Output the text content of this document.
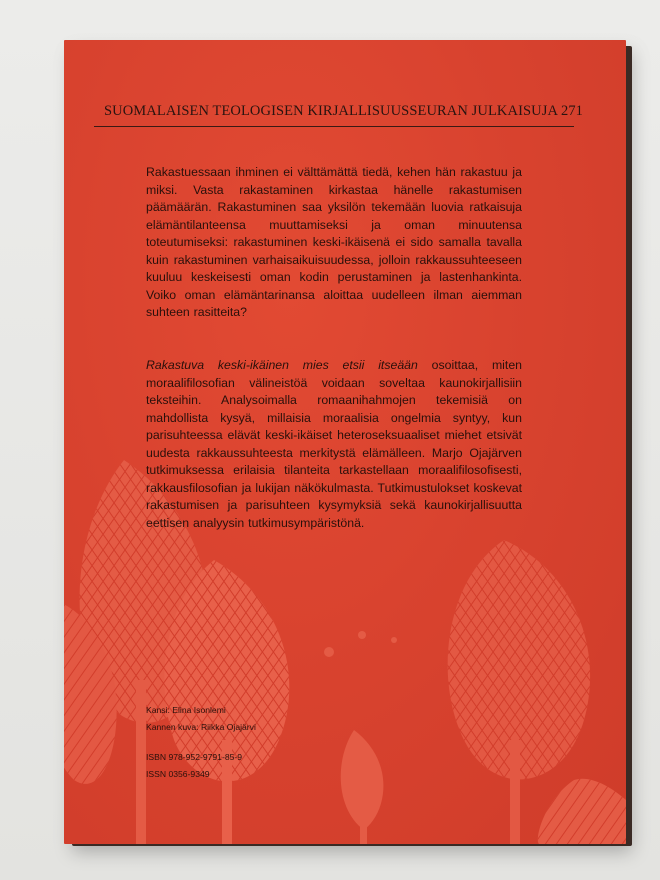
SUOMALAISEN TEOLOGISEN KIRJALLISUUSSEURAN JULKAISUJA 271
Rakastuessaan ihminen ei välttämättä tiedä, kehen hän rakastuu ja miksi. Vasta rakastaminen kirkastaa hänelle rakastumisen päämäärän. Rakastuminen saa yksilön tekemään luovia ratkaisuja elämäntilanteensa muuttamiseksi ja oman minuutensa toteutumiseksi: rakastuminen keski-ikäisenä ei sido samalla tavalla kuin rakastuminen varhaisaikuisuudessa, jolloin rakkaussuhteeseen kuuluu keskeisesti oman kodin perustaminen ja lastenhankinta. Voiko oman elämäntarinansa aloittaa uudelleen ilman aiemman suhteen rasitteita?
Rakastuva keski-ikäinen mies etsii itseään osoittaa, miten moraalifilosofian välineistöä voidaan soveltaa kaunokirjallisiin teksteihin. Analysoimalla romaanihahmojen tekemisiä on mahdollista kysyä, millaisia moraalisia ongelmia syntyy, kun parisuhteessa elävät keski-ikäiset heteroseksuaaliset miehet etsivät uudesta rakkaussuhteesta merkitystä elämälleen. Marjo Ojajärven tutkimuksessa erilaisia tilanteita tarkastellaan moraalifilosofisesti, rakkausfilosofian ja lukijan näkökulmasta. Tutkimustulokset koskevat rakastumisen ja parisuhteen kysymyksiä sekä kaunokirjallisuutta eettisen analyysin tutkimusympäristönä.
Kansi: Elina Isonlemi
Kannen kuva: Riikka Ojajärvi
ISBN 978-952-9791-85-9
ISSN 0356-9349
